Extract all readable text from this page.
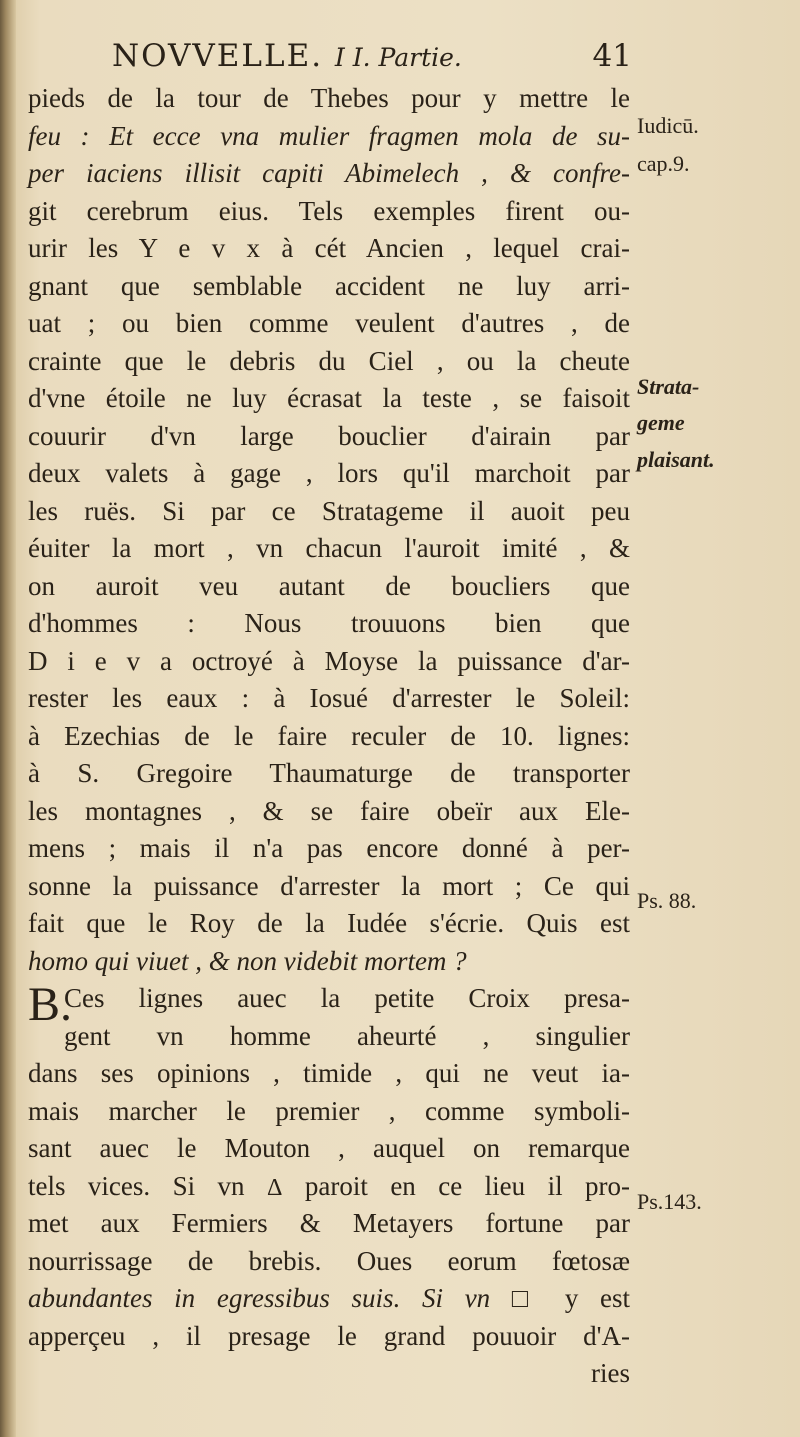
NOVVELLE. I I. Partie.	41
pieds de la tour de Thebes pour y mettre le
feu : Et ecce vna mulier fragmen mola de su-
per iaciens illisit capiti Abimelech , & confre-
git cerebrum eius. Tels exemples firent ou-
urir les Y e v x à cét Ancien , lequel crai-
gnant que semblable accident ne luy arri-
uat ; ou bien comme veulent d'autres , de
crainte que le debris du Ciel , ou la cheute
d'vne étoile ne luy écrasat la teste , se faisoit
couurir d'vn large bouclier d'airain par
deux valets à gage , lors qu'il marchoit par
les ruës. Si par ce Stratageme il auoit peu
éuiter la mort , vn chacun l'auroit imité , &
on auroit veu autant de boucliers que
d'hommes : Nous trouuons bien que
D i e v a octroyé à Moyse la puissance d'ar-
rester les eaux : à Iosué d'arrester le Soleil:
à Ezechias de le faire reculer de 10. lignes:
à S. Gregoire Thaumaturge de transporter
les montagnes , & se faire obeïr aux Ele-
mens ; mais il n'a pas encore donné à per-
sonne la puissance d'arrester la mort ; Ce qui
fait que le Roy de la Iudée s'écrie. Quis est
homo qui viuet , & non videbit mortem ?
B.Ces lignes auec la petite Croix presa-
gent vn homme aheurté , singulier
dans ses opinions , timide , qui ne veut ia-
mais marcher le premier , comme symboli-
sant auec le Mouton , auquel on remarque
tels vices. Si vn Δ paroit en ce lieu il pro-
met aux Fermiers & Metayers fortune par
nourrissage de brebis. Oues eorum fœtosæ
abundantes in egressibus suis. Si vn □ y est
apperçeu , il presage le grand pouuoir d'A-
ries
Iudicū.
cap.9.
Strata-
geme
plaisant.
Ps. 88.
Ps.143.
